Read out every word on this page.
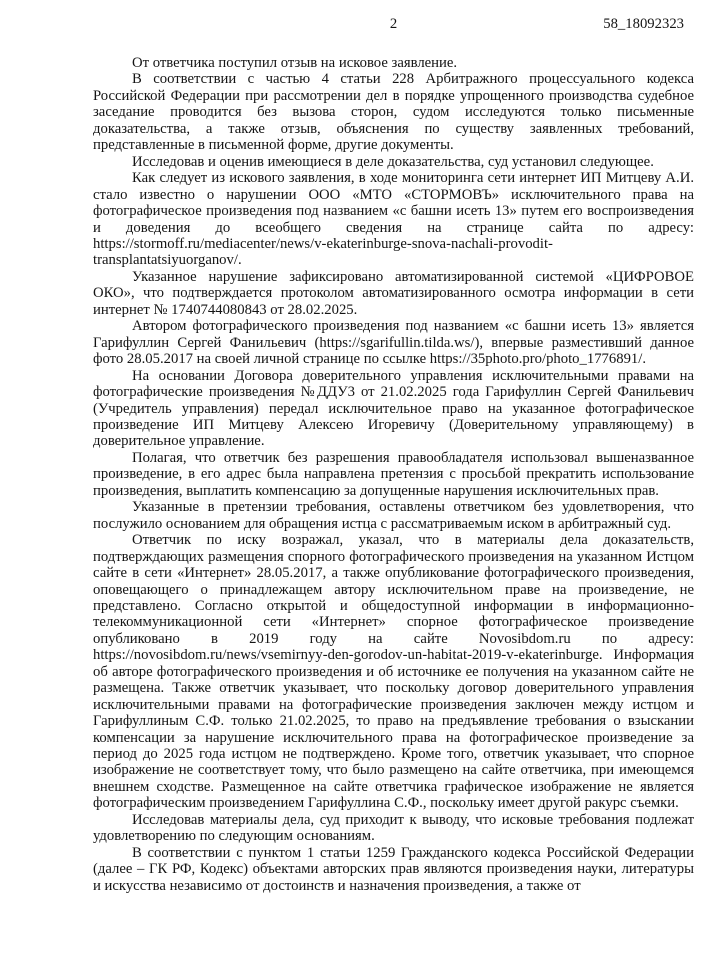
2	58_18092323

От ответчика поступил отзыв на исковое заявление.

В соответствии с частью 4 статьи 228 Арбитражного процессуального кодекса Российской Федерации при рассмотрении дел в порядке упрощенного производства судебное заседание проводится без вызова сторон, судом исследуются только письменные доказательства, а также отзыв, объяснения по существу заявленных требований, представленные в письменной форме, другие документы.

Исследовав и оценив имеющиеся в деле доказательства, суд установил следующее.

Как следует из искового заявления, в ходе мониторинга сети интернет ИП Митцеву А.И. стало известно о нарушении ООО «МТО «СТОРМОВЪ» исключительного права на фотографическое произведения под названием «с башни исеть 13» путем его воспроизведения и доведения до всеобщего сведения на странице сайта по адресу: https://stormoff.ru/mediacenter/news/v-ekaterinburge-snova-nachali-provodit-transplantatsiyuorganov/.

Указанное нарушение зафиксировано автоматизированной системой «ЦИФРОВОЕ ОКО», что подтверждается протоколом автоматизированного осмотра информации в сети интернет № 1740744080843 от 28.02.2025.

Автором фотографического произведения под названием «с башни исеть 13» является Гарифуллин Сергей Фанильевич (https://sgarifullin.tilda.ws/), впервые разместивший данное фото 28.05.2017 на своей личной странице по ссылке https://35photo.pro/photo_1776891/.

На основании Договора доверительного управления исключительными правами на фотографические произведения №ДДУ3 от 21.02.2025 года Гарифуллин Сергей Фанильевич (Учредитель управления) передал исключительное право на указанное фотографическое произведение ИП Митцеву Алексею Игоревичу (Доверительному управляющему) в доверительное управление.

Полагая, что ответчик без разрешения правообладателя использовал вышеназванное произведение, в его адрес была направлена претензия с просьбой прекратить использование произведения, выплатить компенсацию за допущенные нарушения исключительных прав.

Указанные в претензии требования, оставлены ответчиком без удовлетворения, что послужило основанием для обращения истца с рассматриваемым иском в арбитражный суд.

Ответчик по иску возражал, указал, что в материалы дела доказательств, подтверждающих размещения спорного фотографического произведения на указанном Истцом сайте в сети «Интернет» 28.05.2017, а также опубликование фотографического произведения, оповещающего о принадлежащем автору исключительном праве на произведение, не представлено. Согласно открытой и общедоступной информации в информационно-телекоммуникационной сети «Интернет» спорное фотографическое произведение опубликовано в 2019 году на сайте Novosibdom.ru по адресу: https://novosibdom.ru/news/vsemirnyy-den-gorodov-un-habitat-2019-v-ekaterinburge. Информация об авторе фотографического произведения и об источнике ее получения на указанном сайте не размещена. Также ответчик указывает, что поскольку договор доверительного управления исключительными правами на фотографические произведения заключен между истцом и Гарифуллиным С.Ф. только 21.02.2025, то право на предъявление требования о взыскании компенсации за нарушение исключительного права на фотографическое произведение за период до 2025 года истцом не подтверждено. Кроме того, ответчик указывает, что спорное изображение не соответствует тому, что было размещено на сайте ответчика, при имеющемся внешнем сходстве. Размещенное на сайте ответчика графическое изображение не является фотографическим произведением Гарифуллина С.Ф., поскольку имеет другой ракурс съемки.

Исследовав материалы дела, суд приходит к выводу, что исковые требования подлежат удовлетворению по следующим основаниям.

В соответствии с пунктом 1 статьи 1259 Гражданского кодекса Российской Федерации (далее – ГК РФ, Кодекс) объектами авторских прав являются произведения науки, литературы и искусства независимо от достоинств и назначения произведения, а также от
